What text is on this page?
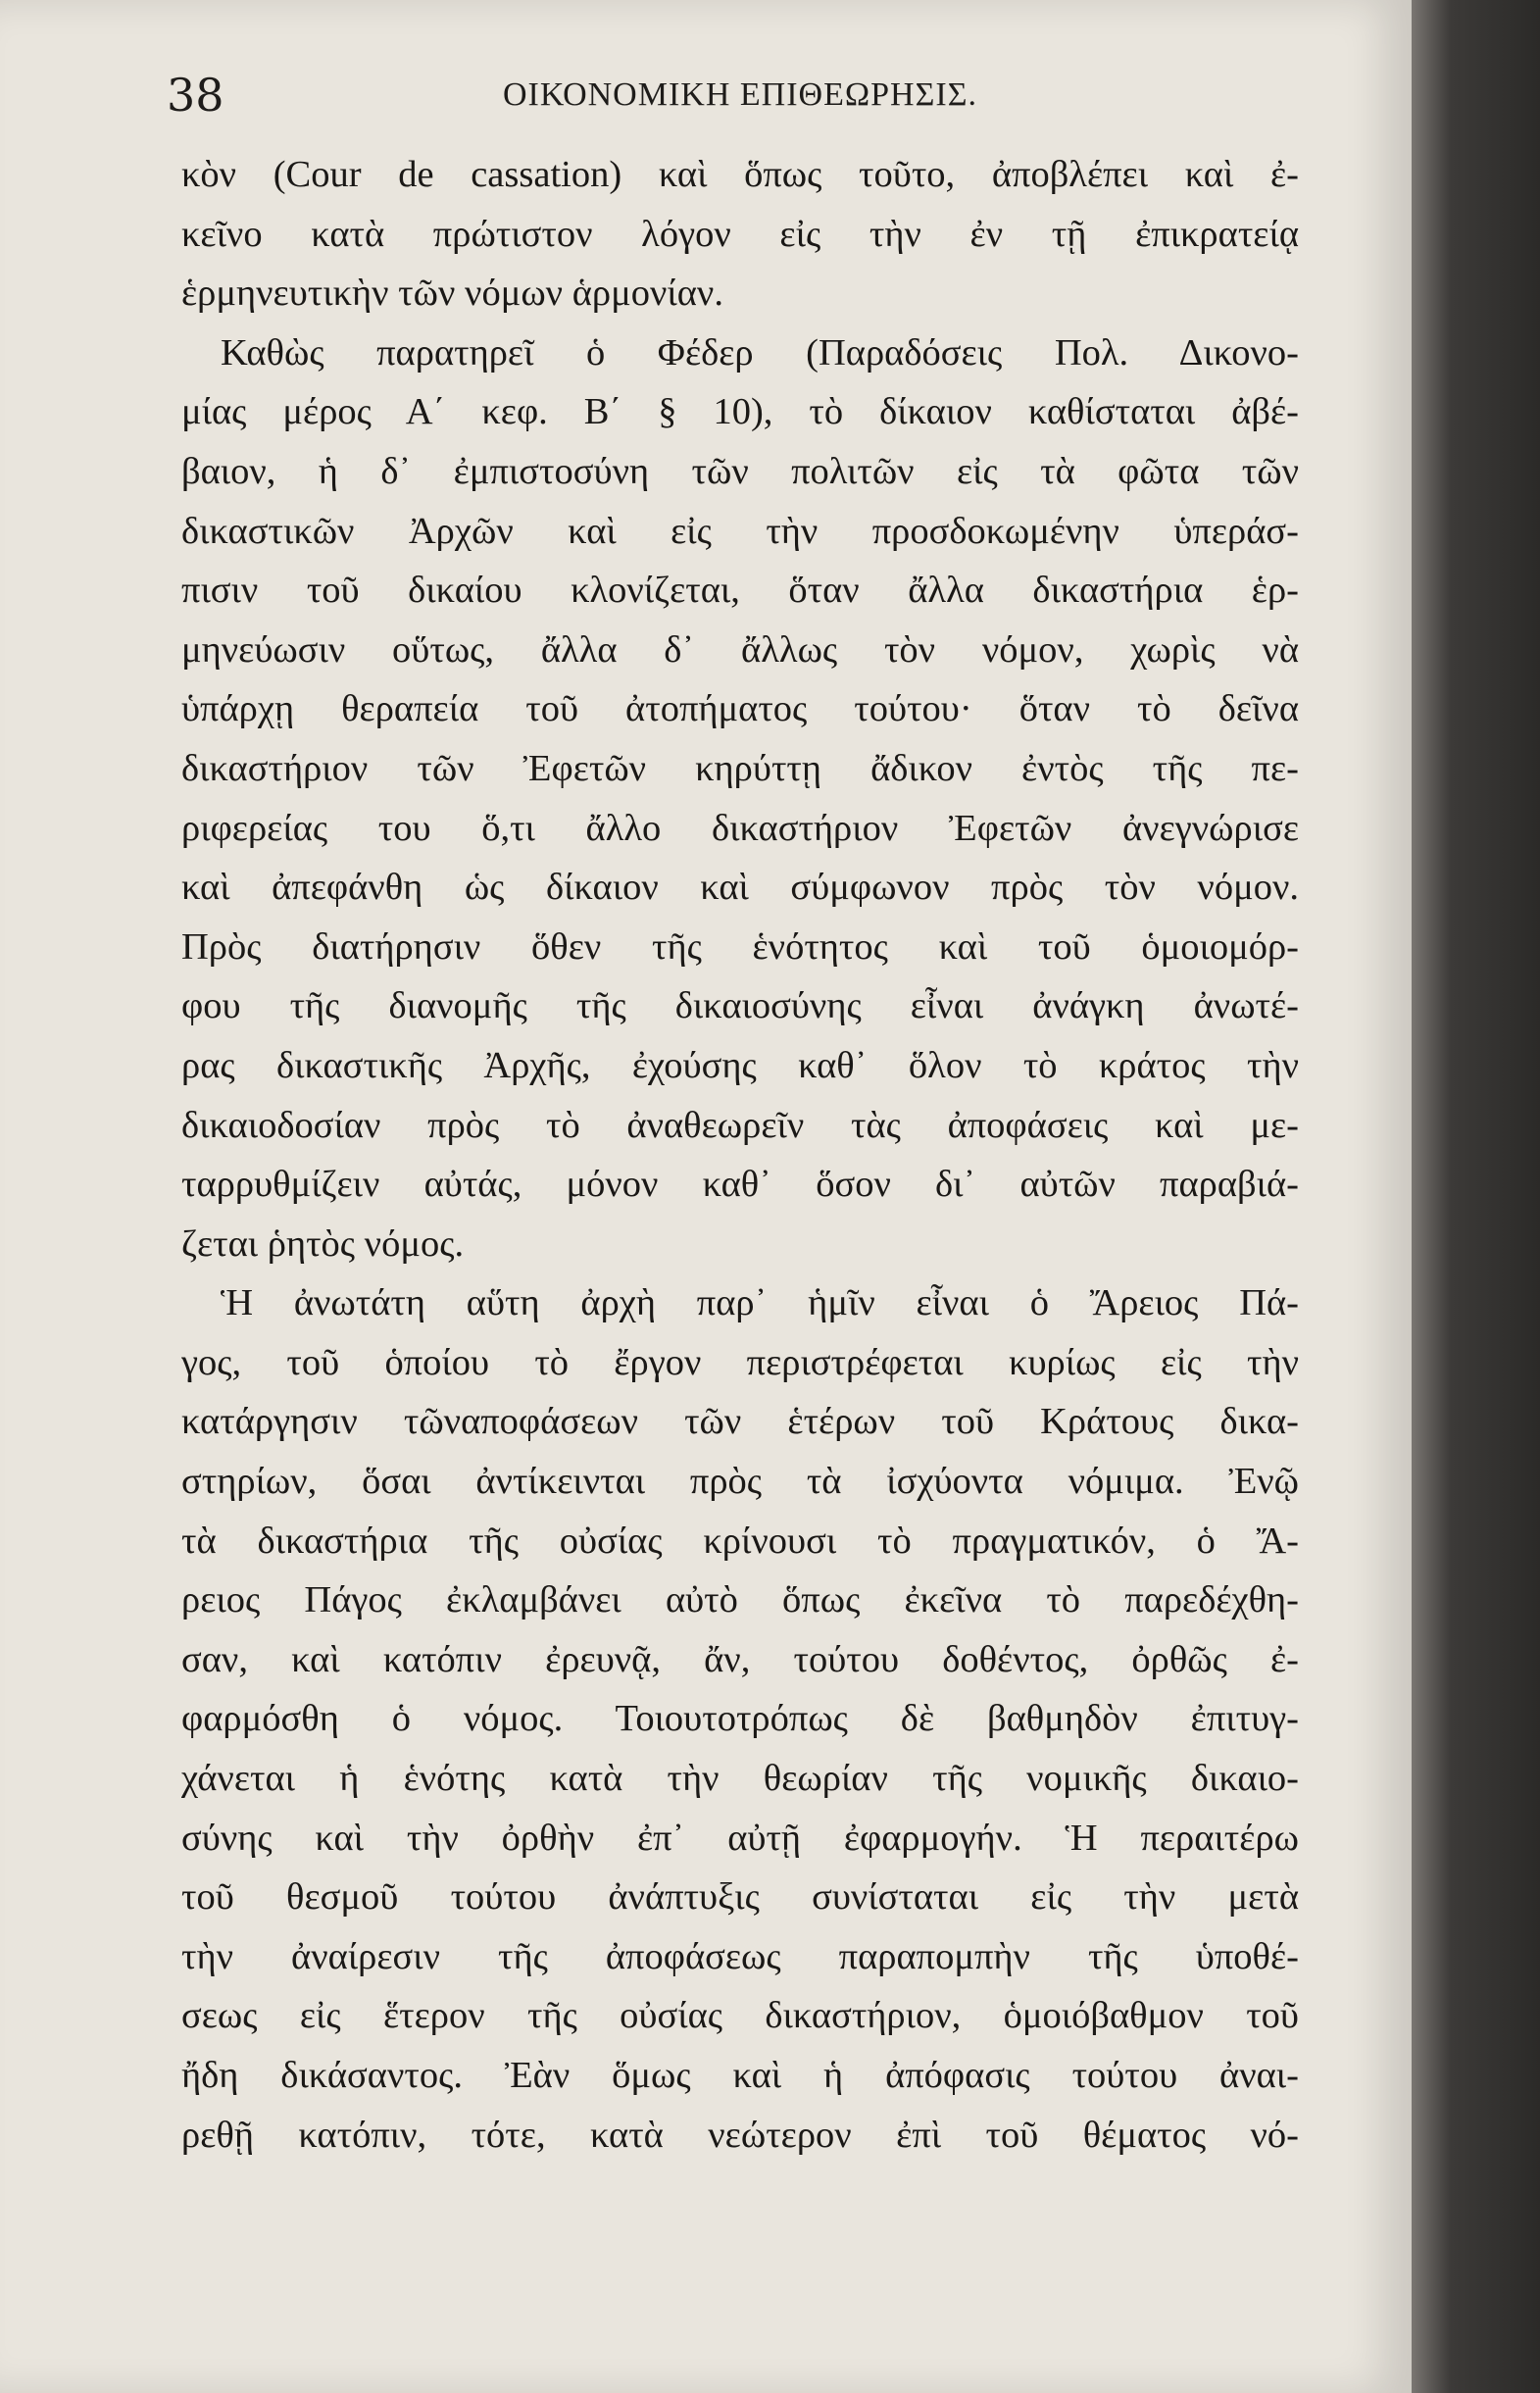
38	ΟΙΚΟΝΟΜΙΚΗ ΕΠΙΘΕΩΡΗΣΙΣ.
κὸν (Cour de cassation) καὶ ὅπως τοῦτο, ἀποβλέπει καὶ ἐ-
κεῖνο κατὰ πρώτιστον λόγον εἰς τὴν ἐν τῇ ἐπικρατείᾳ
ἑρμηνευτικὴν τῶν νόμων ἁρμονίαν.
Καθὼς παρατηρεῖ ὁ Φέδερ (Παραδόσεις Πολ. Δικονο-
μίας μέρος Α΄ κεφ. Β΄ § 10), τὸ δίκαιον καθίσταται ἀβέ-
βαιον, ἡ δ᾽ ἐμπιστοσύνη τῶν πολιτῶν εἰς τὰ φῶτα τῶν
δικαστικῶν Ἀρχῶν καὶ εἰς τὴν προσδοκωμένην ὑπεράσ-
πισιν τοῦ δικαίου κλονίζεται, ὅταν ἄλλα δικαστήρια ἑρ-
μηνεύωσιν οὕτως, ἄλλα δ᾽ ἄλλως τὸν νόμον, χωρὶς νὰ
ὑπάρχῃ θεραπεία τοῦ ἀτοπήματος τούτου· ὅταν τὸ δεῖνα
δικαστήριον τῶν Ἐφετῶν κηρύττῃ ἄδικον ἐντὸς τῆς πε-
ριφερείας του ὅ,τι ἄλλο δικαστήριον Ἐφετῶν ἀνεγνώρισε
καὶ ἀπεφάνθη ὡς δίκαιον καὶ σύμφωνον πρὸς τὸν νόμον.
Πρὸς διατήρησιν ὅθεν τῆς ἑνότητος καὶ τοῦ ὁμοιομόρ-
φου τῆς διανομῆς τῆς δικαιοσύνης εἶναι ἀνάγκη ἀνωτέ-
ρας δικαστικῆς Ἀρχῆς, ἐχούσης καθ᾽ ὅλον τὸ κράτος τὴν
δικαιοδοσίαν πρὸς τὸ ἀναθεωρεῖν τὰς ἀποφάσεις καὶ με-
ταρρυθμίζειν αὐτάς, μόνον καθ᾽ ὅσον δι᾽ αὐτῶν παραβιά-
ζεται ῥητὸς νόμος.
Ἡ ἀνωτάτη αὕτη ἀρχὴ παρ᾽ ἡμῖν εἶναι ὁ Ἄρειος Πά-
γος, τοῦ ὁποίου τὸ ἔργον περιστρέφεται κυρίως εἰς τὴν
κατάργησιν τῶναποφάσεων τῶν ἑτέρων τοῦ Κράτους δικα-
στηρίων, ὅσαι ἀντίκεινται πρὸς τὰ ἰσχύοντα νόμιμα. Ἐνῷ
τὰ δικαστήρια τῆς οὐσίας κρίνουσι τὸ πραγματικόν, ὁ Ἄ-
ρειος Πάγος ἐκλαμβάνει αὐτὸ ὅπως ἐκεῖνα τὸ παρεδέχθη-
σαν, καὶ κατόπιν ἐρευνᾷ, ἄν, τούτου δοθέντος, ὀρθῶς ἐ-
φαρμόσθη ὁ νόμος. Τοιουτοτρόπως δὲ βαθμηδὸν ἐπιτυγ-
χάνεται ἡ ἑνότης κατὰ τὴν θεωρίαν τῆς νομικῆς δικαιο-
σύνης καὶ τὴν ὀρθὴν ἐπ᾽ αὐτῇ ἐφαρμογήν. Ἡ περαιτέρω
τοῦ θεσμοῦ τούτου ἀνάπτυξις συνίσταται εἰς τὴν μετὰ
τὴν ἀναίρεσιν τῆς ἀποφάσεως παραπομπὴν τῆς ὑποθέ-
σεως εἰς ἕτερον τῆς οὐσίας δικαστήριον, ὁμοιόβαθμον τοῦ
ἤδη δικάσαντος. Ἐὰν ὅμως καὶ ἡ ἀπόφασις τούτου ἀναι-
ρεθῇ κατόπιν, τότε, κατὰ νεώτερον ἐπὶ τοῦ θέματος νό-
